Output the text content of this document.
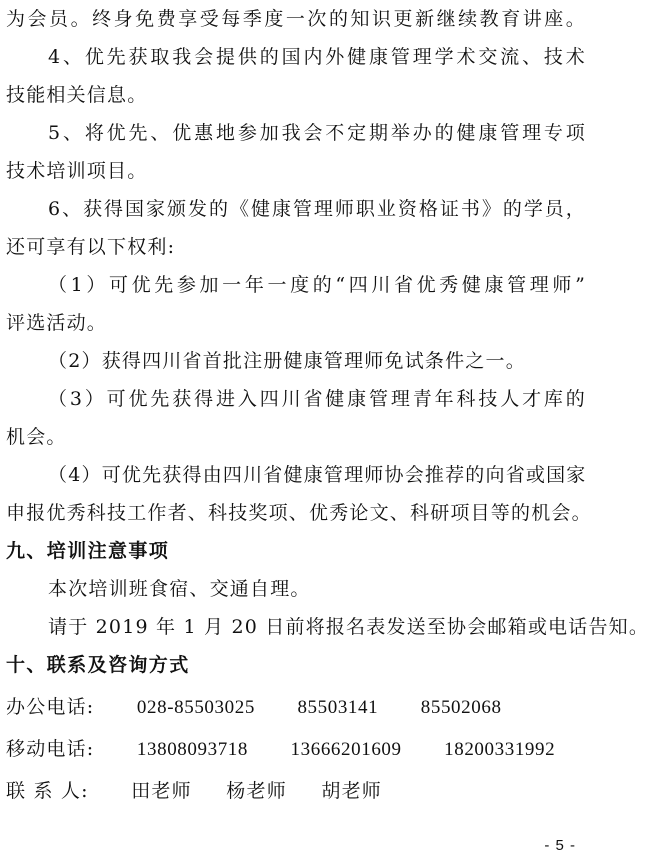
为会员。终身免费享受每季度一次的知识更新继续教育讲座。
4、优先获取我会提供的国内外健康管理学术交流、技术
技能相关信息。
5、将优先、优惠地参加我会不定期举办的健康管理专项
技术培训项目。
6、获得国家颁发的《健康管理师职业资格证书》的学员，
还可享有以下权利:
（1）可优先参加一年一度的“四川省优秀健康管理师”
评选活动。
（2）获得四川省首批注册健康管理师免试条件之一。
（3）可优先获得进入四川省健康管理青年科技人才库的
机会。
（4）可优先获得由四川省健康管理师协会推荐的向省或国家
申报优秀科技工作者、科技奖项、优秀论文、科研项目等的机会。
九、培训注意事项
本次培训班食宿、交通自理。
请于 2019 年 1 月 20 日前将报名表发送至协会邮箱或电话告知。
十、联系及咨询方式
办公电话: 028-85503025 85503141 85502068
移动电话: 13808093718 13666201609 18200331992
联 系 人: 田老师 杨老师 胡老师
- 5 -
